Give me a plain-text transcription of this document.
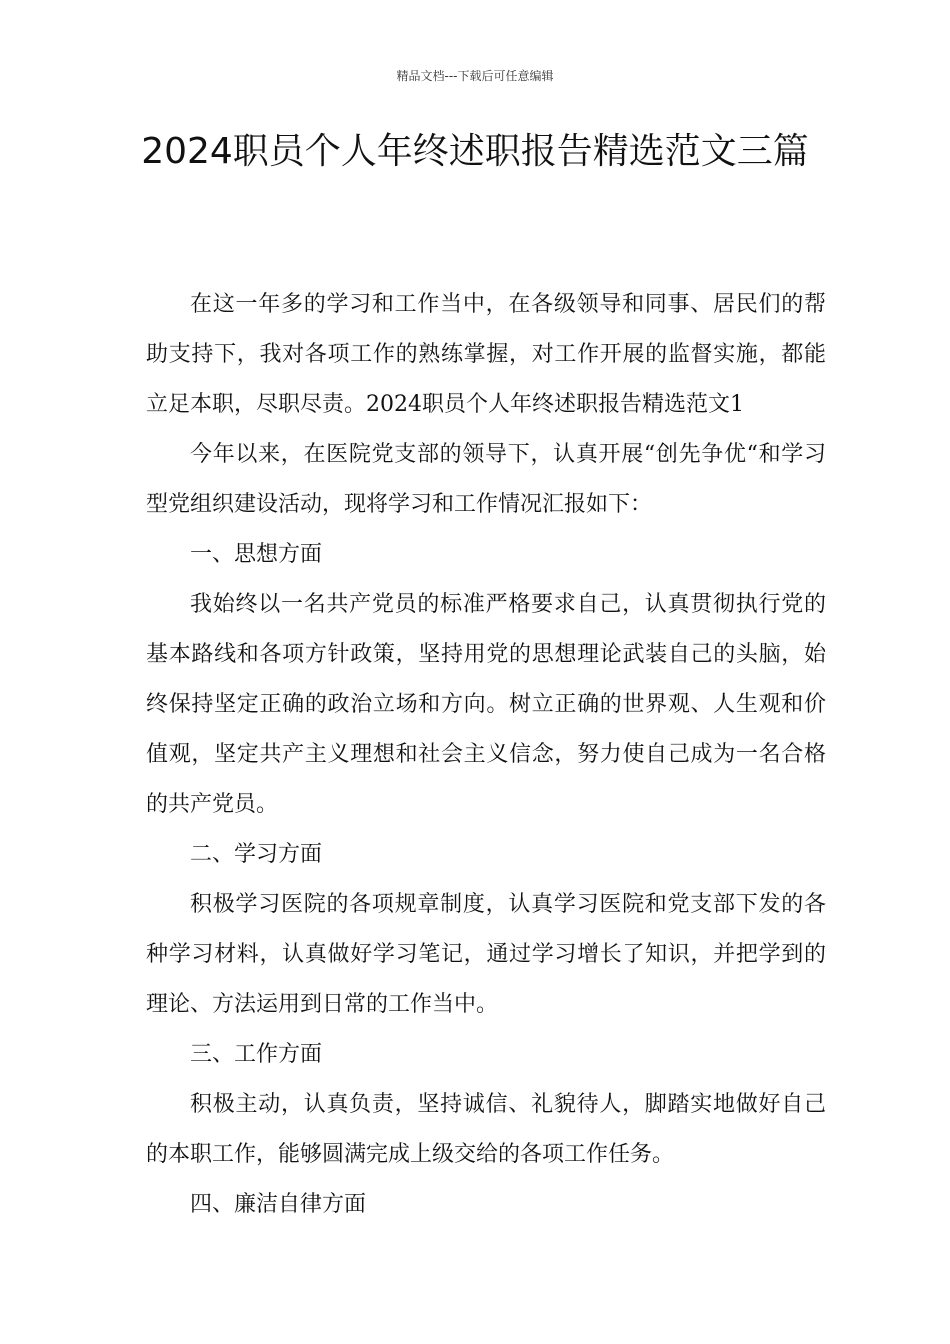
精品文档---下载后可任意编辑
2024职员个人年终述职报告精选范文三篇

在这一年多的学习和工作当中，在各级领导和同事、居民们的帮助支持下，我对各项工作的熟练掌握，对工作开展的监督实施，都能立足本职，尽职尽责。2024职员个人年终述职报告精选范文1

今年以来，在医院党支部的领导下，认真开展“创先争优“和学习型党组织建设活动，现将学习和工作情况汇报如下：

一、思想方面

我始终以一名共产党员的标准严格要求自己，认真贯彻执行党的基本路线和各项方针政策，坚持用党的思想理论武装自己的头脑，始终保持坚定正确的政治立场和方向。树立正确的世界观、人生观和价值观，坚定共产主义理想和社会主义信念，努力使自己成为一名合格的共产党员。

二、学习方面

积极学习医院的各项规章制度，认真学习医院和党支部下发的各种学习材料，认真做好学习笔记，通过学习增长了知识，并把学到的理论、方法运用到日常的工作当中。

三、工作方面

积极主动，认真负责，坚持诚信、礼貌待人，脚踏实地做好自己的本职工作，能够圆满完成上级交给的各项工作任务。

四、廉洁自律方面
